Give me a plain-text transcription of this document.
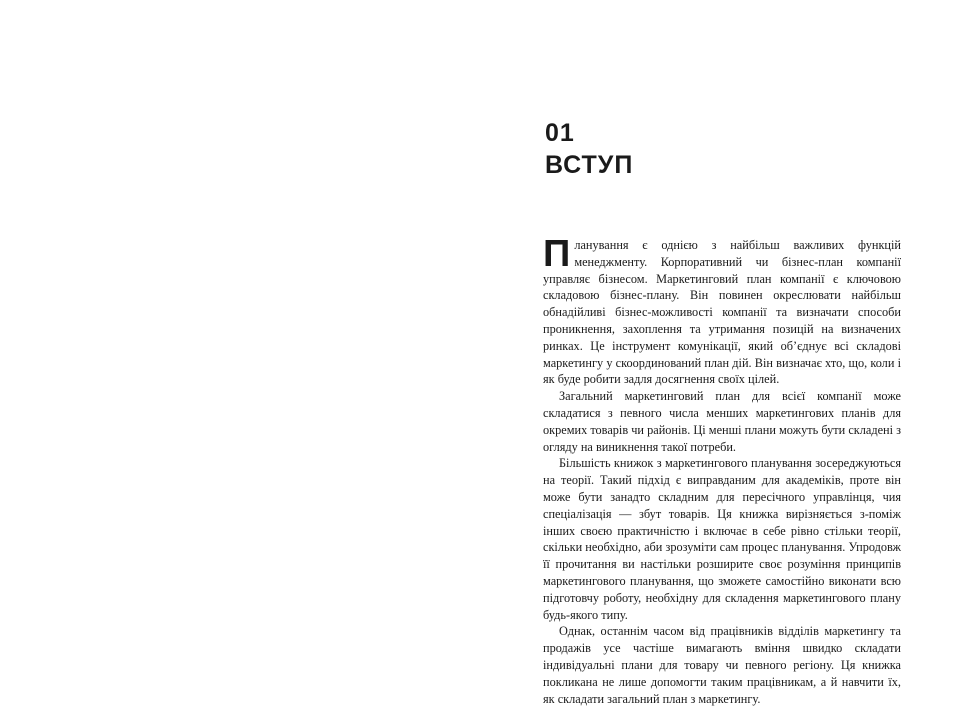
01
ВСТУП

Планування є однією з найбільш важливих функцій менеджменту. Корпоративний чи бізнес-план компанії управляє бізнесом. Маркетинговий план компанії є ключовою складовою бізнес-плану. Він повинен окреслювати найбільш обнадійливі бізнес-можливості компанії та визначати способи проникнення, захоплення та утримання позицій на визначених ринках. Це інструмент комунікації, який об’єднує всі складові маркетингу у скоординований план дій. Він визначає хто, що, коли і як буде робити задля досягнення своїх цілей.

Загальний маркетинговий план для всієї компанії може складатися з певного числа менших маркетингових планів для окремих товарів чи районів. Ці менші плани можуть бути складені з огляду на виникнення такої потреби.

Більшість книжок з маркетингового планування зосереджуються на теорії. Такий підхід є виправданим для академіків, проте він може бути занадто складним для пересічного управлінця, чия спеціалізація — збут товарів. Ця книжка вирізняється з-поміж інших своєю практичністю і включає в себе рівно стільки теорії, скільки необхідно, аби зрозуміти сам процес планування. Упродовж її прочитання ви настільки розширите своє розуміння принципів маркетингового планування, що зможете самостійно виконати всю підготовчу роботу, необхідну для складення маркетингового плану будь-якого типу.

Однак, останнім часом від працівників відділів маркетингу та продажів усе частіше вимагають вміння швидко складати індивідуальні плани для товару чи певного регіону. Ця книжка покликана не лише допомогти таким працівникам, а й навчити їх, як складати загальний план з маркетингу.
